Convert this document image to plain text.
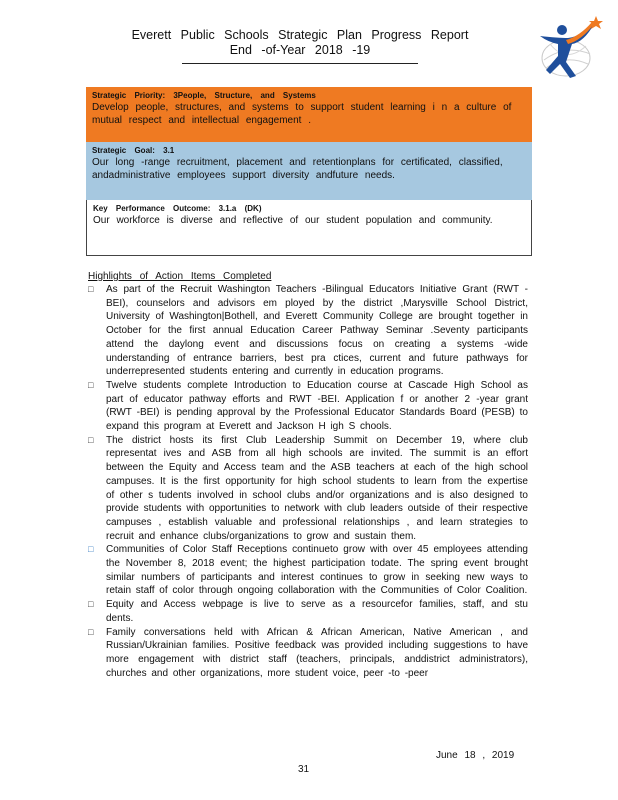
Everett Public Schools Strategic Plan Progress Report
End -of-Year 2018 -19
Strategic Priority: 3People, Structure, and Systems
Develop people, structures, and systems to support student learning i n a culture of mutual respect and intellectual engagement .
Strategic Goal: 3.1
Our long -range recruitment, placement and retentionplans for certificated, classified, andadministrative employees support diversity andfuture needs.
Key Performance Outcome: 3.1.a (DK)
Our workforce is diverse and reflective of our student population and community.
Highlights of Action Items Completed
□ As part of the Recruit Washington Teachers -Bilingual Educators Initiative Grant (RWT -BEI), counselors and advisors em ployed by the district ,Marysville School District, University of Washington|Bothell, and Everett Community College are brought together in October for the first annual Education Career Pathway Seminar .Seventy participants attend the daylong event and discussions focus on creating a systems -wide understanding of entrance barriers, best pra ctices, current and future pathways for underrepresented students entering and currently in education programs.
□ Twelve students complete Introduction to Education course at Cascade High School as part of educator pathway efforts and RWT -BEI. Application f or another 2 -year grant (RWT -BEI) is pending approval by the Professional Educator Standards Board (PESB) to expand this program at Everett and Jackson H igh S chools.
□ The district hosts its first Club Leadership Summit on December 19, where club representat ives and ASB from all high schools are invited. The summit is an effort between the Equity and Access team and the ASB teachers at each of the high school campuses. It is the first opportunity for high school students to learn from the expertise of other s tudents involved in school clubs and/or organizations and is also designed to provide students with opportunities to network with club leaders outside of their respective campuses , establish valuable and professional relationships , and learn strategies to recruit and enhance clubs/organizations to grow and sustain them.
□ Communities of Color Staff Receptions continueto grow with over 45 employees attending the November 8, 2018 event; the highest participation todate. The spring event brought similar numbers of participants and interest continues to grow in seeking new ways to retain staff of color through ongoing collaboration with the Communities of Color Coalition.
□ Equity and Access webpage is live to serve as a resourcefor families, staff, and stu dents.
□ Family conversations held with African & African American, Native American , and Russian/Ukrainian families. Positive feedback was provided including suggestions to have more engagement with district staff (teachers, principals, anddistrict administrators), churches and other organizations, more student voice, peer -to -peer
June 18 , 2019
31
